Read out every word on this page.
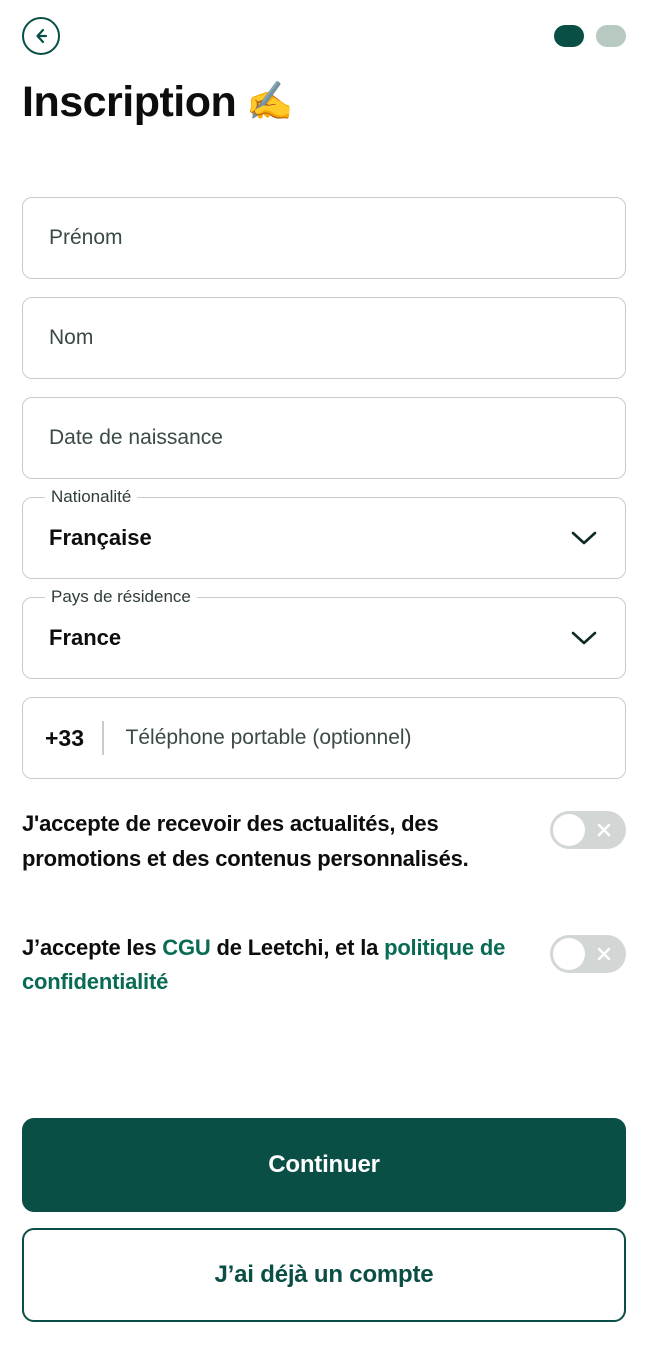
Inscription ✍️
Prénom
Nom
Date de naissance
Nationalité
Française
Pays de résidence
France
+33	Téléphone portable (optionnel)
J'accepte de recevoir des actualités, des promotions et des contenus personnalisés.
J’accepte les CGU de Leetchi, et la politique de confidentialité
Continuer J’ai déjà un compte
